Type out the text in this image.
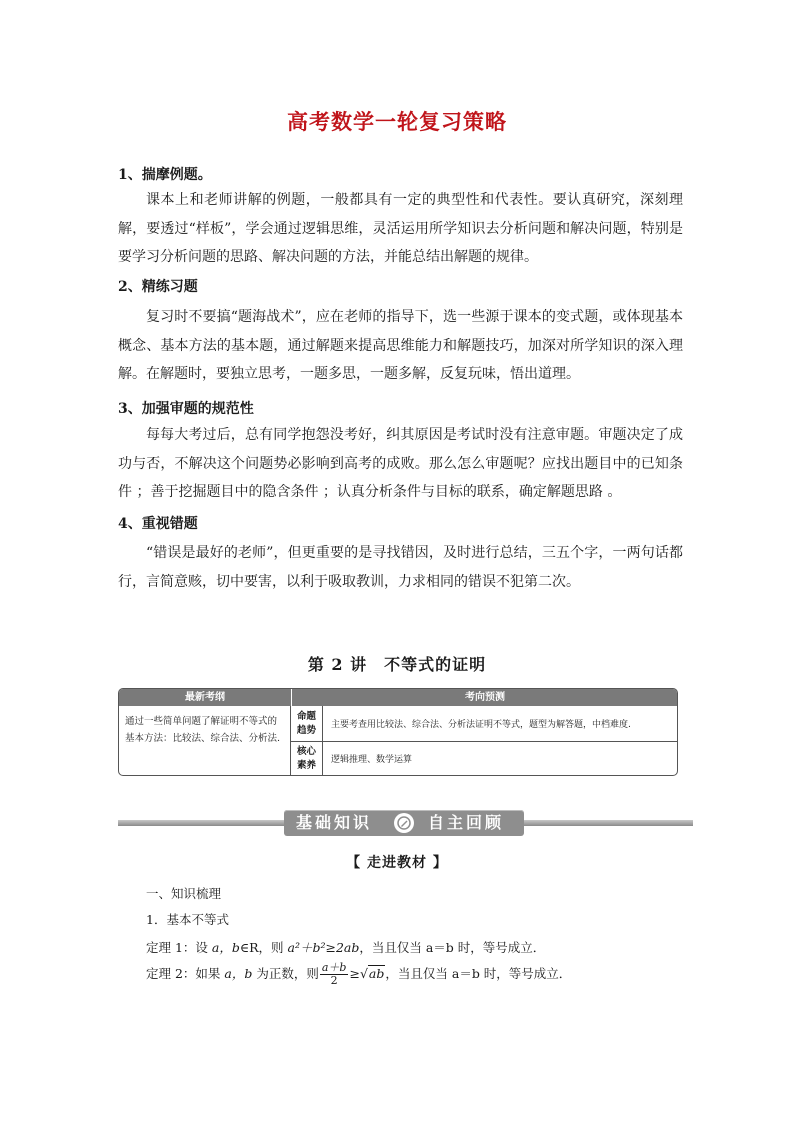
高考数学一轮复习策略
1、揣摩例题。
课本上和老师讲解的例题，一般都具有一定的典型性和代表性。要认真研究，深刻理解，要透过“样板”，学会通过逻辑思维，灵活运用所学知识去分析问题和解决问题，特别是要学习分析问题的思路、解决问题的方法，并能总结出解题的规律。
2、精练习题
复习时不要搞“题海战术”，应在老师的指导下，选一些源于课本的变式题，或体现基本概念、基本方法的基本题，通过解题来提高思维能力和解题技巧，加深对所学知识的深入理解。在解题时，要独立思考，一题多思，一题多解，反复玩味，悟出道理。
3、加强审题的规范性
每每大考过后，总有同学抱怨没考好，纠其原因是考试时没有注意审题。审题决定了成功与否，不解决这个问题势必影响到高考的成败。那么怎么审题呢？应找出题目中的已知条件 ；善于挖掘题目中的隐含条件 ；认真分析条件与目标的联系，确定解题思路 。
4、重视错题
“错误是最好的老师”，但更重要的是寻找错因，及时进行总结，三五个字，一两句话都行，言简意赅，切中要害，以利于吸取教训，力求相同的错误不犯第二次。
第 2 讲　不等式的证明
最新考纲	考向预测
通过一些简单问题了解证明不等式的基本方法：比较法、综合法、分析法.
命题趋势	主要考查用比较法、综合法、分析法证明不等式，题型为解答题，中档难度.
核心素养	逻辑推理、数学运算
基础知识	自主回顾
【 走进教材 】
一、知识梳理
1．基本不等式
定理 1：设 a，b∈R，则 a²＋b²≥2ab，当且仅当 a＝b 时，等号成立．
定理 2：如果 a，b 为正数，则 $\frac{a+b}{2} \ge√ab$，当且仅当 a＝b 时，等号成立．
